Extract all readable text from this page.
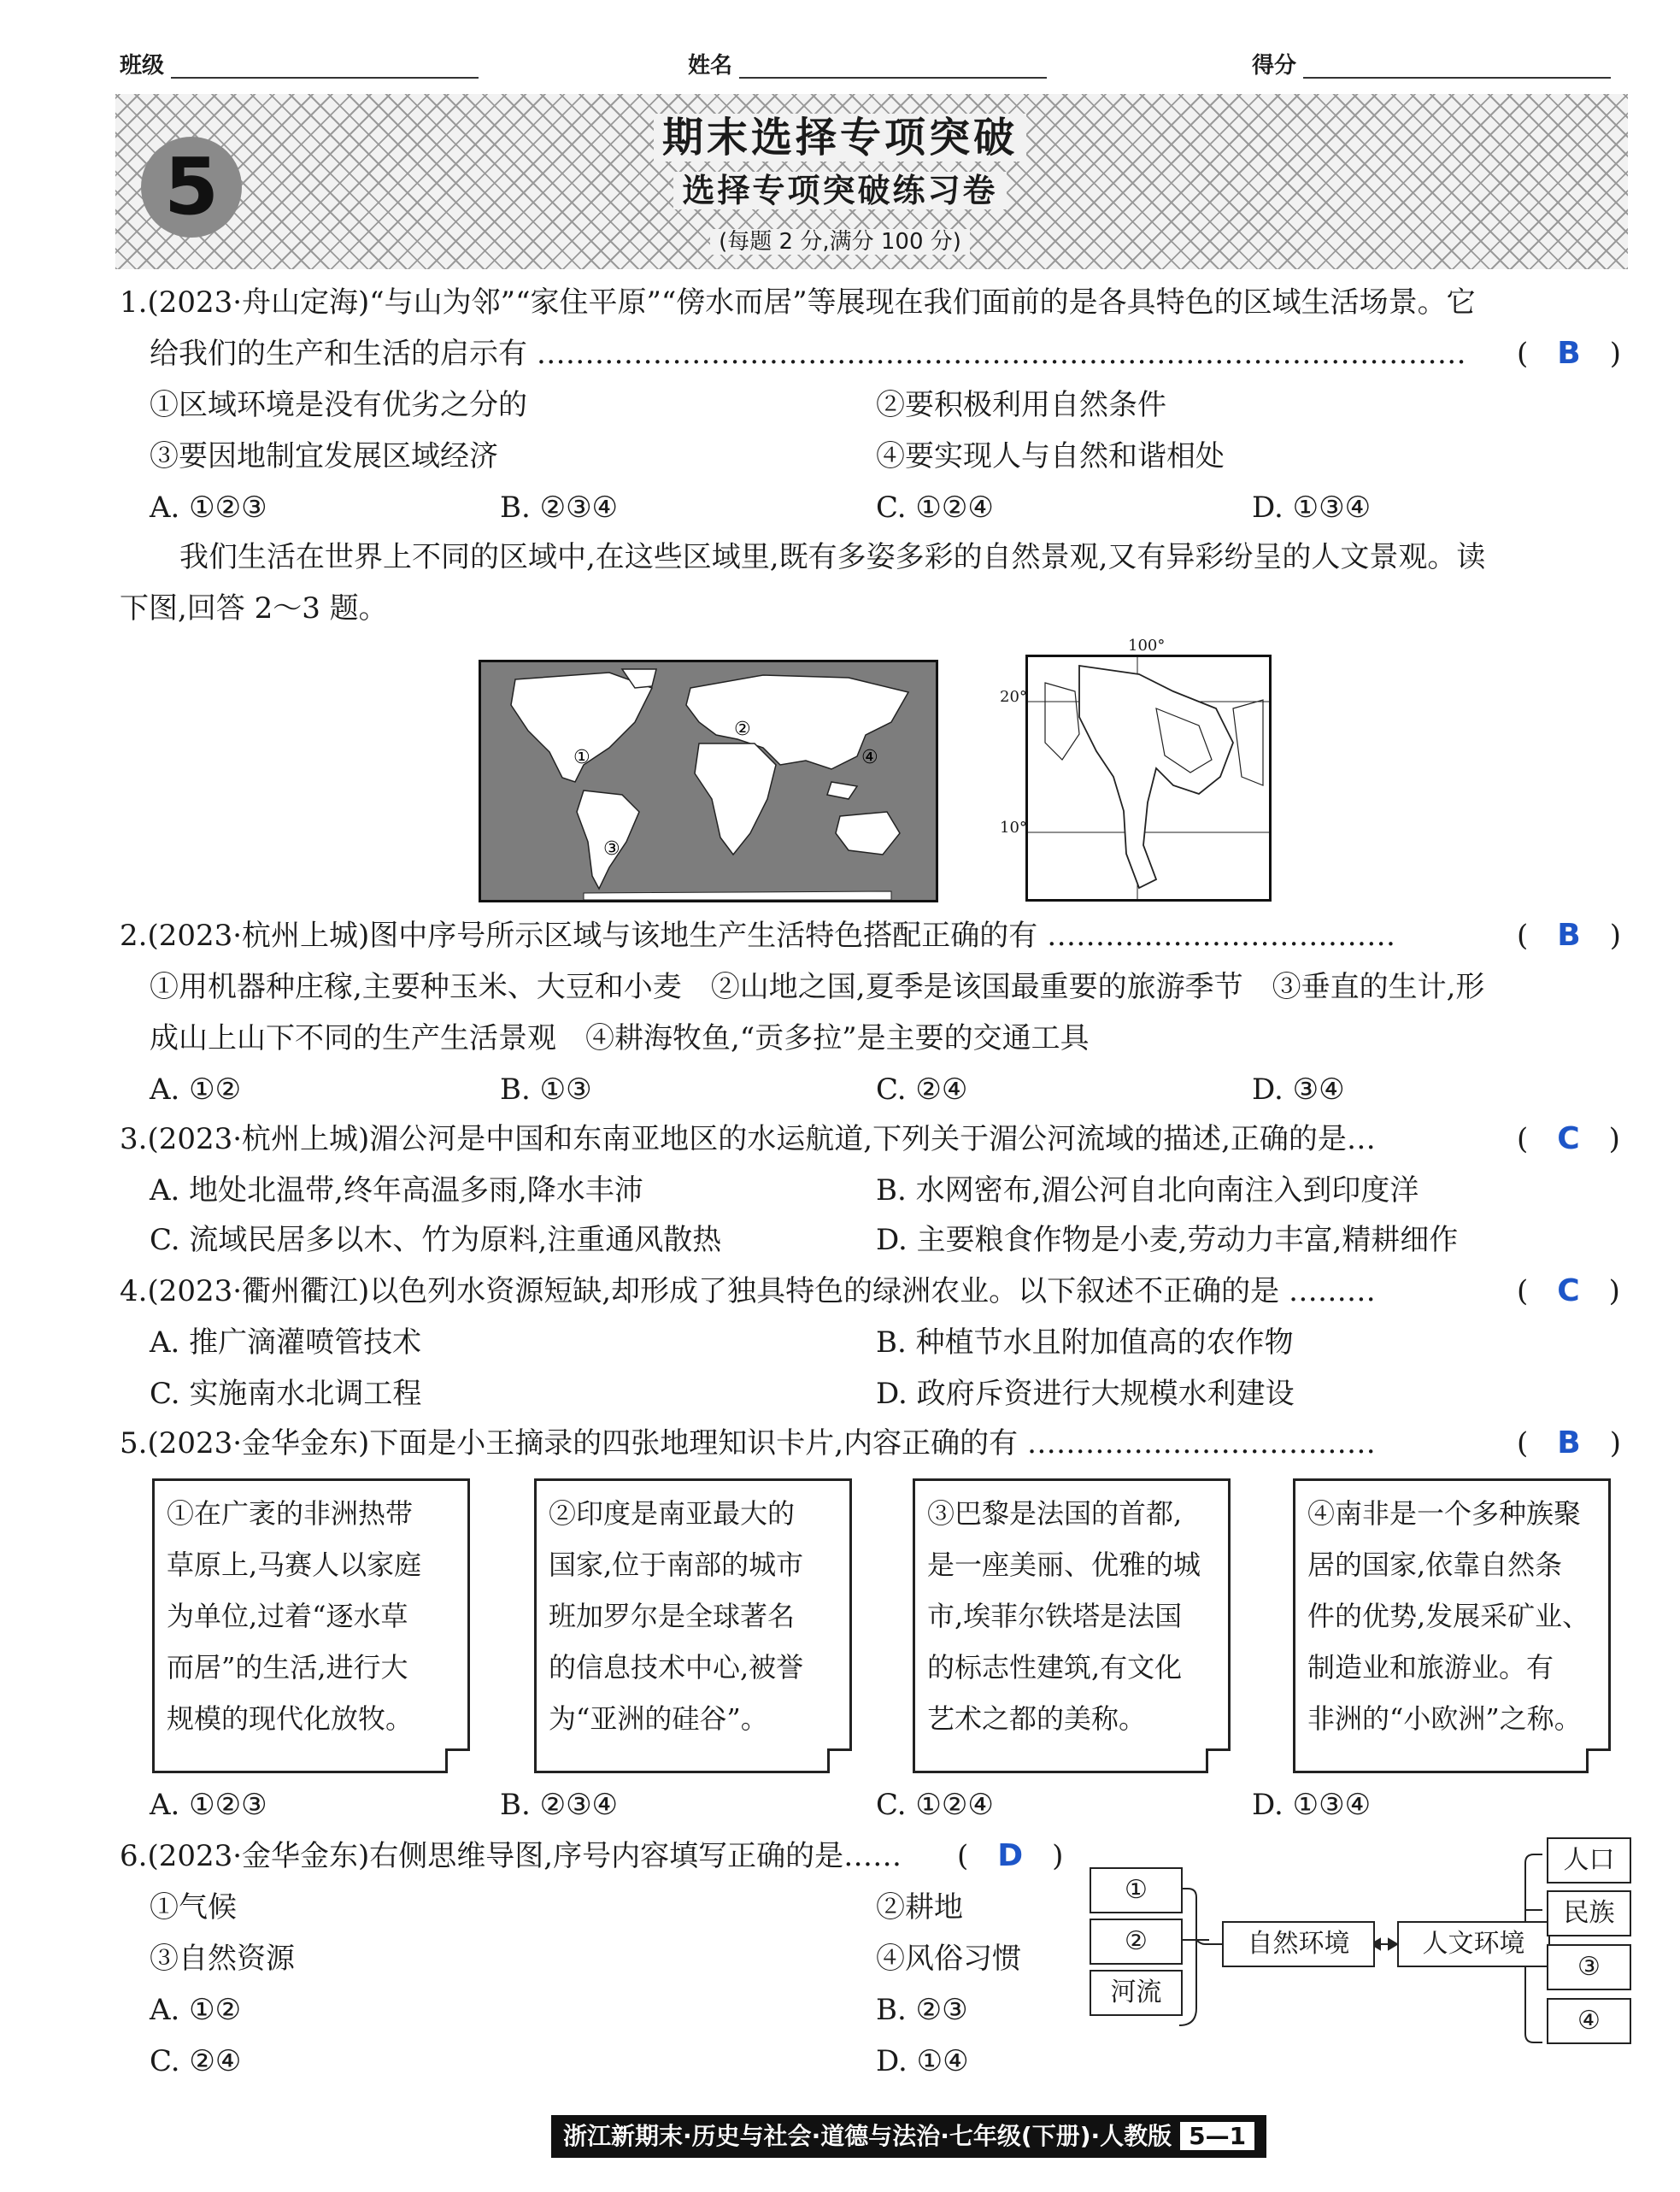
班级	姓名	得分
5
期末选择专项突破
选择专项突破练习卷
(每题 2 分,满分 100 分)
1.(2023·舟山定海)“与山为邻”“家住平原”“傍水而居”等展现在我们面前的是各具特色的区域生活场景。它
给我们的生产和生活的启示有 …………………………………………………………………………………… (　B　)
①区域环境是没有优劣之分的	②要积极利用自然条件
③要因地制宜发展区域经济	④要实现人与自然和谐相处
A. ①②③	B. ②③④	C. ①②④	D. ①③④
我们生活在世界上不同的区域中,在这些区域里,既有多姿多彩的自然景观,又有异彩纷呈的人文景观。读
下图,回答 2～3 题。
①
②
③
④
100°
20°
10°
2.(2023·杭州上城)图中序号所示区域与该地生产生活特色搭配正确的有 ………………………………	(　B　)
①用机器种庄稼,主要种玉米、大豆和小麦　②山地之国,夏季是该国最重要的旅游季节　③垂直的生计,形
成山上山下不同的生产生活景观　④耕海牧鱼,“贡多拉”是主要的交通工具
A. ①②	B. ①③	C. ②④	D. ③④
3.(2023·杭州上城)湄公河是中国和东南亚地区的水运航道,下列关于湄公河流域的描述,正确的是…	(　C　)
A. 地处北温带,终年高温多雨,降水丰沛	B. 水网密布,湄公河自北向南注入到印度洋
C. 流域民居多以木、竹为原料,注重通风散热	D. 主要粮食作物是小麦,劳动力丰富,精耕细作
4.(2023·衢州衢江)以色列水资源短缺,却形成了独具特色的绿洲农业。以下叙述不正确的是 ………	(　C　)
A. 推广滴灌喷管技术	B. 种植节水且附加值高的农作物
C. 实施南水北调工程	D. 政府斥资进行大规模水利建设
5.(2023·金华金东)下面是小王摘录的四张地理知识卡片,内容正确的有 ………………………………	(　B　)
①在广袤的非洲热带
草原上,马赛人以家庭
为单位,过着“逐水草
而居”的生活,进行大
规模的现代化放牧。
②印度是南亚最大的
国家,位于南部的城市
班加罗尔是全球著名
的信息技术中心,被誉
为“亚洲的硅谷”。
③巴黎是法国的首都,
是一座美丽、优雅的城
市,埃菲尔铁塔是法国
的标志性建筑,有文化
艺术之都的美称。
④南非是一个多种族聚
居的国家,依靠自然条
件的优势,发展采矿业、
制造业和旅游业。有
非洲的“小欧洲”之称。
A. ①②③	B. ②③④	C. ①②④	D. ①③④
6.(2023·金华金东)右侧思维导图,序号内容填写正确的是…… (　D　)
①气候	②耕地
③自然资源	④风俗习惯
A. ①②	B. ②③
C. ②④	D. ①④
①
②
河流
自然环境	人文环境
人口
民族
③
④
浙江新期末·历史与社会·道德与法治·七年级(下册)·人教版 5—1
